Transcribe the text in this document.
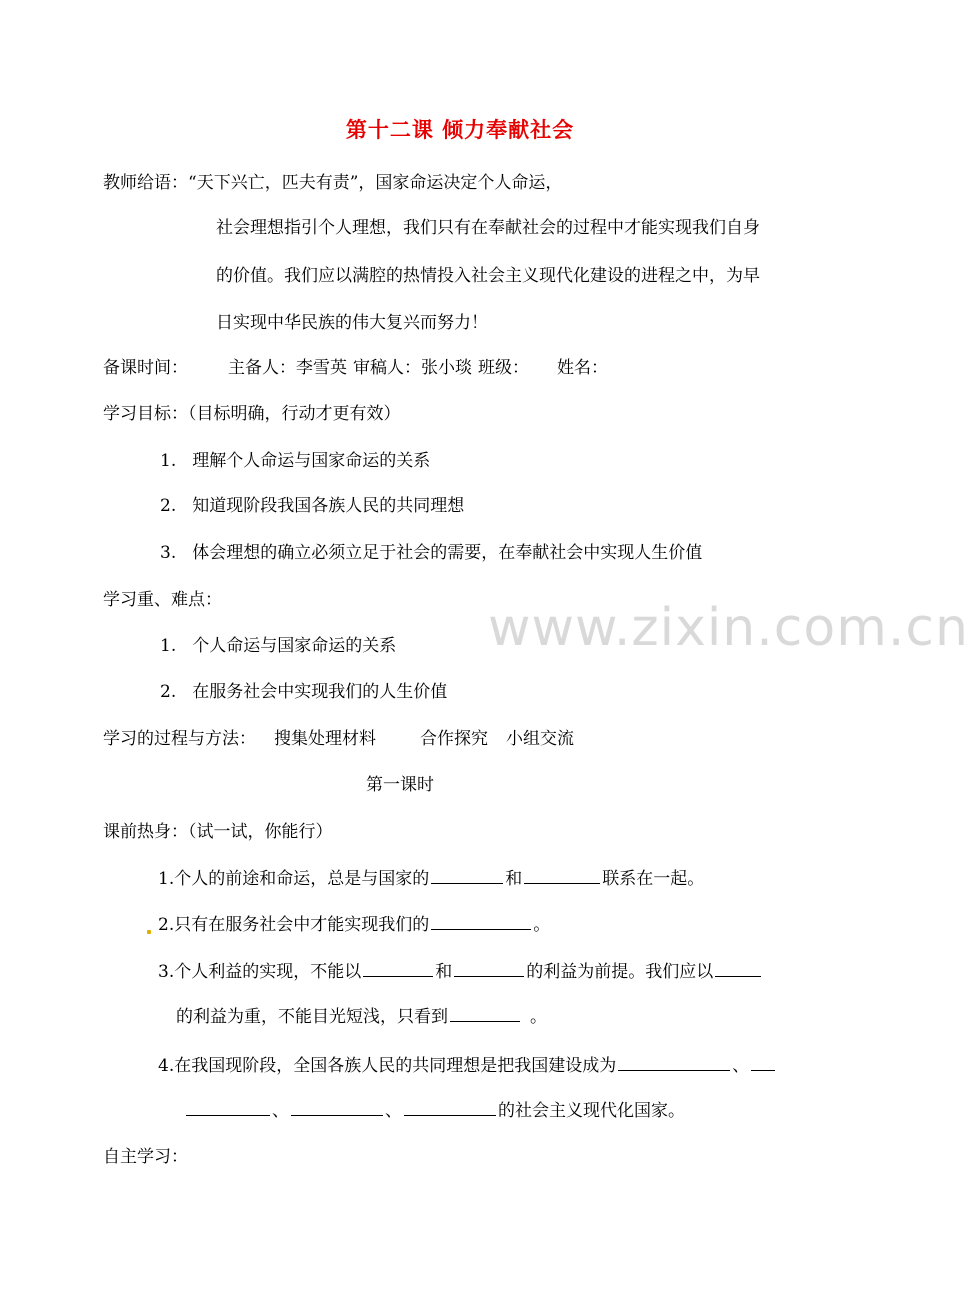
www.zixin.com.cn
第十二课 倾力奉献社会
教师给语：“天下兴亡，匹夫有责”，国家命运决定个人命运，
社会理想指引个人理想，我们只有在奉献社会的过程中才能实现我们自身
的价值。我们应以满腔的热情投入社会主义现代化建设的进程之中，为早
日实现中华民族的伟大复兴而努力！
备课时间： 主备人：李雪英 审稿人：张小琰 班级： 姓名：
学习目标：（目标明确，行动才更有效）
1. 理解个人命运与国家命运的关系
2. 知道现阶段我国各族人民的共同理想
3. 体会理想的确立必须立足于社会的需要，在奉献社会中实现人生价值
学习重、难点：
1. 个人命运与国家命运的关系
2. 在服务社会中实现我们的人生价值
学习的过程与方法： 搜集处理材料	合作探究 小组交流
第一课时
课前热身：（试一试，你能行）
1.个人的前途和命运，总是与国家的	和	联系在一起。
2.只有在服务社会中才能实现我们的	。
3.个人利益的实现，不能以	和	的利益为前提。我们应以
的利益为重，不能目光短浅，只看到	。
4.在我国现阶段，全国各族人民的共同理想是把我国建设成为	、
、	、	的社会主义现代化国家。
自主学习：
